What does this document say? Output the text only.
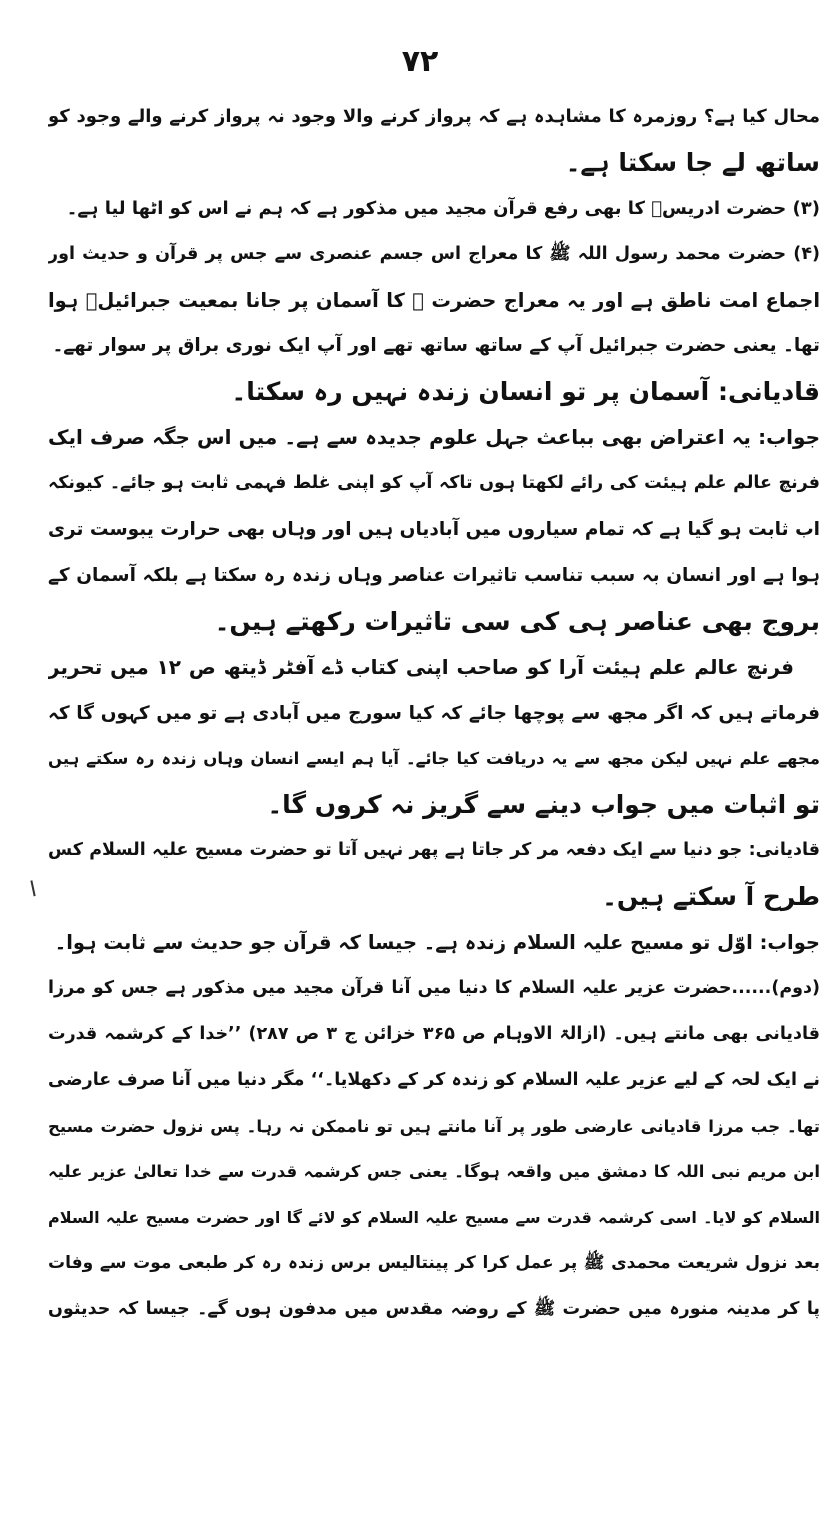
۷۲
محال کیا ہے؟ روزمرہ کا مشاہدہ ہے کہ پرواز کرنے والا وجود نہ پرواز کرنے والے وجود کو
ساتھ لے جا سکتا ہے۔
(۳) حضرت ادریسؑ کا بھی رفع قرآن مجید میں مذکور ہے کہ ہم نے اس کو اٹھا لیا ہے۔
(۴) حضرت محمد رسول اللہ ﷺ کا معراج اس جسم عنصری سے جس پر قرآن و حدیث اور
اجماع امت ناطق ہے اور یہ معراج حضرت ﷺ کا آسمان پر جانا بمعیت جبرائیلؑ ہوا
تھا۔ یعنی حضرت جبرائیل آپ کے ساتھ ساتھ تھے اور آپ ایک نوری براق پر سوار تھے۔
قادیانی: آسمان پر تو انسان زندہ نہیں رہ سکتا۔
جواب: یہ اعتراض بھی بباعث جہل علوم جدیدہ سے ہے۔ میں اس جگہ صرف ایک
فرنچ عالم علم ہیئت کی رائے لکھتا ہوں تاکہ آپ کو اپنی غلط فہمی ثابت ہو جائے۔ کیونکہ
اب ثابت ہو گیا ہے کہ تمام سیاروں میں آبادیاں ہیں اور وہاں بھی حرارت یبوست تری
ہوا ہے اور انسان بہ سبب تناسب تاثیرات عناصر وہاں زندہ رہ سکتا ہے بلکہ آسمان کے
بروج بھی عناصر ہی کی سی تاثیرات رکھتے ہیں۔
فرنچ عالم علم ہیئت آرا کو صاحب اپنی کتاب ڈے آفٹر ڈیتھ ص ۱۲ میں تحریر
فرماتے ہیں کہ اگر مجھ سے پوچھا جائے کہ کیا سورج میں آبادی ہے تو میں کہوں گا کہ
مجھے علم نہیں لیکن مجھ سے یہ دریافت کیا جائے۔ آیا ہم ایسے انسان وہاں زندہ رہ سکتے ہیں
تو اثبات میں جواب دینے سے گریز نہ کروں گا۔
قادیانی: جو دنیا سے ایک دفعہ مر کر جاتا ہے پھر نہیں آتا تو حضرت مسیح علیہ السلام کس
طرح آ سکتے ہیں۔
جواب: اوّل تو مسیح علیہ السلام زندہ ہے۔ جیسا کہ قرآن جو حدیث سے ثابت ہوا۔
(دوم)......حضرت عزیر علیہ السلام کا دنیا میں آنا قرآن مجید میں مذکور ہے جس کو مرزا
قادیانی بھی مانتے ہیں۔ (ازالۃ الاوہام ص ۳۶۵ خزائن ج ۳ ص ۲۸۷) ’’خدا کے کرشمہ قدرت
نے ایک لحہ کے لیے عزیر علیہ السلام کو زندہ کر کے دکھلایا۔‘‘ مگر دنیا میں آنا صرف عارضی
تھا۔ جب مرزا قادیانی عارضی طور پر آنا مانتے ہیں تو ناممکن نہ رہا۔ پس نزول حضرت مسیح
ابن مریم نبی اللہ کا دمشق میں واقعہ ہوگا۔ یعنی جس کرشمہ قدرت سے خدا تعالیٰ عزیر علیہ
السلام کو لایا۔ اسی کرشمہ قدرت سے مسیح علیہ السلام کو لائے گا اور حضرت مسیح علیہ السلام
بعد نزول شریعت محمدی ﷺ پر عمل کرا کر پینتالیس برس زندہ رہ کر طبعی موت سے وفات
پا کر مدینہ منورہ میں حضرت ﷺ کے روضہ مقدس میں مدفون ہوں گے۔ جیسا کہ حدیثوں
